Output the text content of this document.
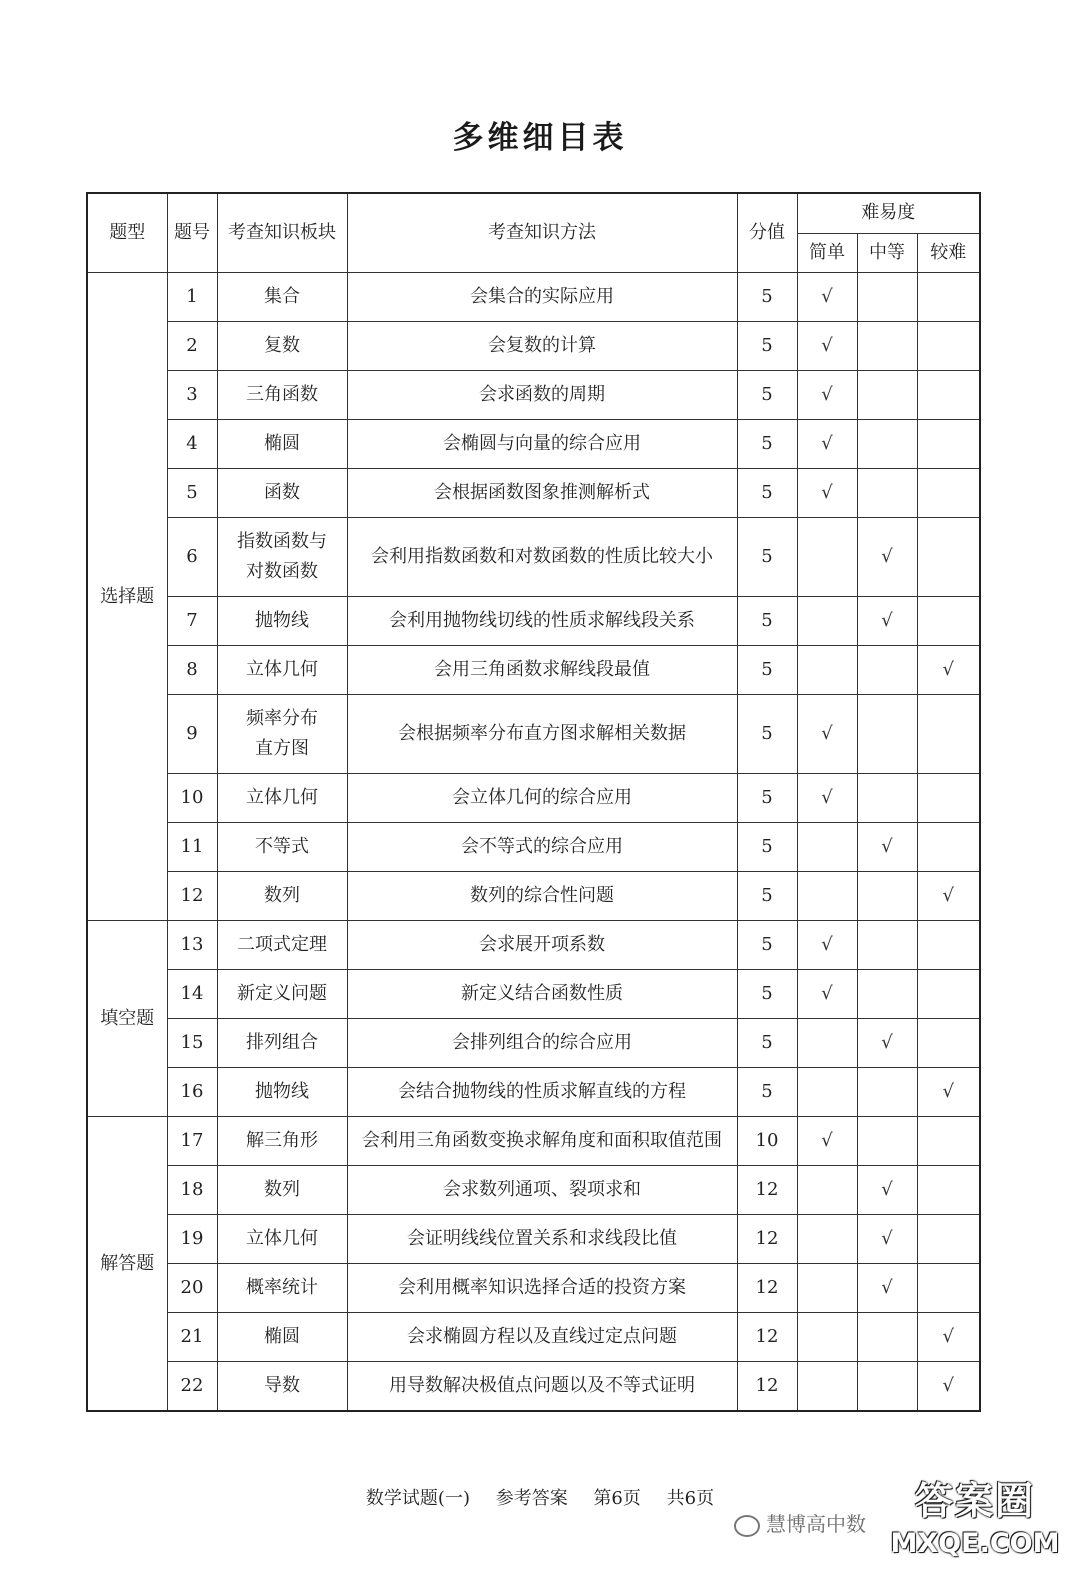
多维细目表
题型	题号	考查知识板块	考查知识方法	分值	难易度		
					简单	中等	较难
选择题	1	集合	会集合的实际应用	5	√		
	2	复数	会复数的计算	5	√		
	3	三角函数	会求函数的周期	5	√		
	4	椭圆	会椭圆与向量的综合应用	5	√		
	5	函数	会根据函数图象推测解析式	5	√		
	6	指数函数与
对数函数	会利用指数函数和对数函数的性质比较大小	5		√	
	7	抛物线	会利用抛物线切线的性质求解线段关系	5		√	
	8	立体几何	会用三角函数求解线段最值	5			√
	9	频率分布
直方图	会根据频率分布直方图求解相关数据	5	√		
	10	立体几何	会立体几何的综合应用	5	√		
	11	不等式	会不等式的综合应用	5		√	
	12	数列	数列的综合性问题	5			√
填空题	13	二项式定理	会求展开项系数	5	√		
	14	新定义问题	新定义结合函数性质	5	√		
	15	排列组合	会排列组合的综合应用	5		√	
	16	抛物线	会结合抛物线的性质求解直线的方程	5			√
解答题	17	解三角形	会利用三角函数变换求解角度和面积取值范围	10	√		
	18	数列	会求数列通项、裂项求和	12		√	
	19	立体几何	会证明线线位置关系和求线段比值	12		√	
	20	概率统计	会利用概率知识选择合适的投资方案	12		√	
	21	椭圆	会求椭圆方程以及直线过定点问题	12			√
	22	导数	用导数解决极值点问题以及不等式证明	12			√
数学试题(一) 参考答案 第6页 共6页
慧博高中数
答案圈
MXQE.COM
